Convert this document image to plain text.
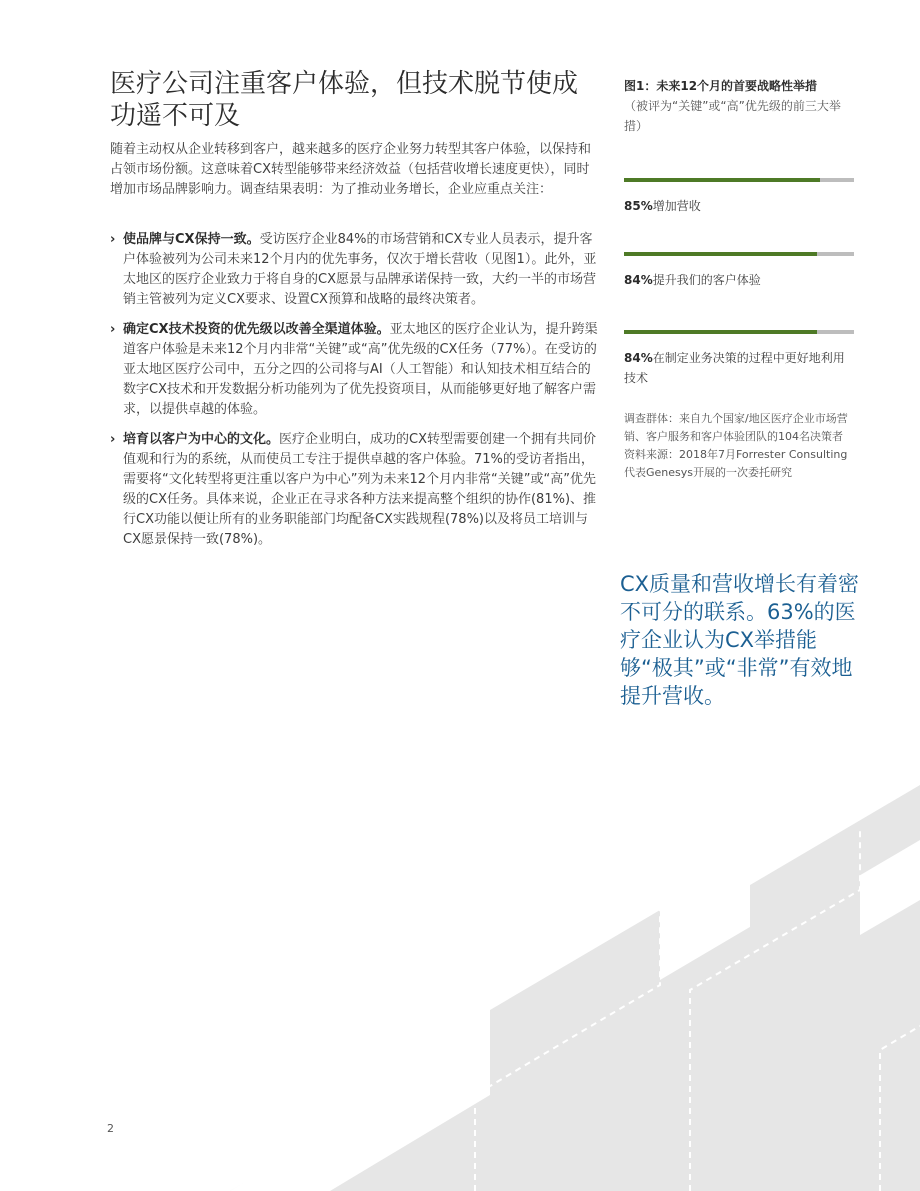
医疗公司注重客户体验，但技术脱节使成功遥不可及

随着主动权从企业转移到客户，越来越多的医疗企业努力转型其客户体验，以保持和占领市场份额。这意味着CX转型能够带来经济效益（包括营收增长速度更快），同时增加市场品牌影响力。调查结果表明：为了推动业务增长，企业应重点关注：

› 使品牌与CX保持一致。受访医疗企业84%的市场营销和CX专业人员表示，提升客户体验被列为公司未来12个月内的优先事务，仅次于增长营收（见图1）。此外，亚太地区的医疗企业致力于将自身的CX愿景与品牌承诺保持一致，大约一半的市场营销主管被列为定义CX要求、设置CX预算和战略的最终决策者。
› 确定CX技术投资的优先级以改善全渠道体验。亚太地区的医疗企业认为，提升跨渠道客户体验是未来12个月内非常“关键”或“高”优先级的CX任务（77%）。在受访的亚太地区医疗公司中，五分之四的公司将与AI（人工智能）和认知技术相互结合的数字CX技术和开发数据分析功能列为了优先投资项目，从而能够更好地了解客户需求，以提供卓越的体验。
› 培育以客户为中心的文化。医疗企业明白，成功的CX转型需要创建一个拥有共同价值观和行为的系统，从而使员工专注于提供卓越的客户体验。71%的受访者指出，需要将“文化转型将更注重以客户为中心”列为未来12个月内非常“关键”或“高”优先级的CX任务。具体来说，企业正在寻求各种方法来提高整个组织的协作(81%)、推行CX功能以便让所有的业务职能部门均配备CX实践规程(78%)以及将员工培训与CX愿景保持一致(78%)。
图1：未来12个月的首要战略性举措
（被评为“关键”或“高”优先级的前三大举措）
85%增加营收
84%提升我们的客户体验
84%在制定业务决策的过程中更好地利用技术
调查群体：来自九个国家/地区医疗企业市场营销、客户服务和客户体验团队的104名决策者
资料来源：2018年7月Forrester Consulting代表Genesys开展的一次委托研究
CX质量和营收增长有着密不可分的联系。63%的医疗企业认为CX举措能够“极其”或“非常”有效地提升营收。
2
